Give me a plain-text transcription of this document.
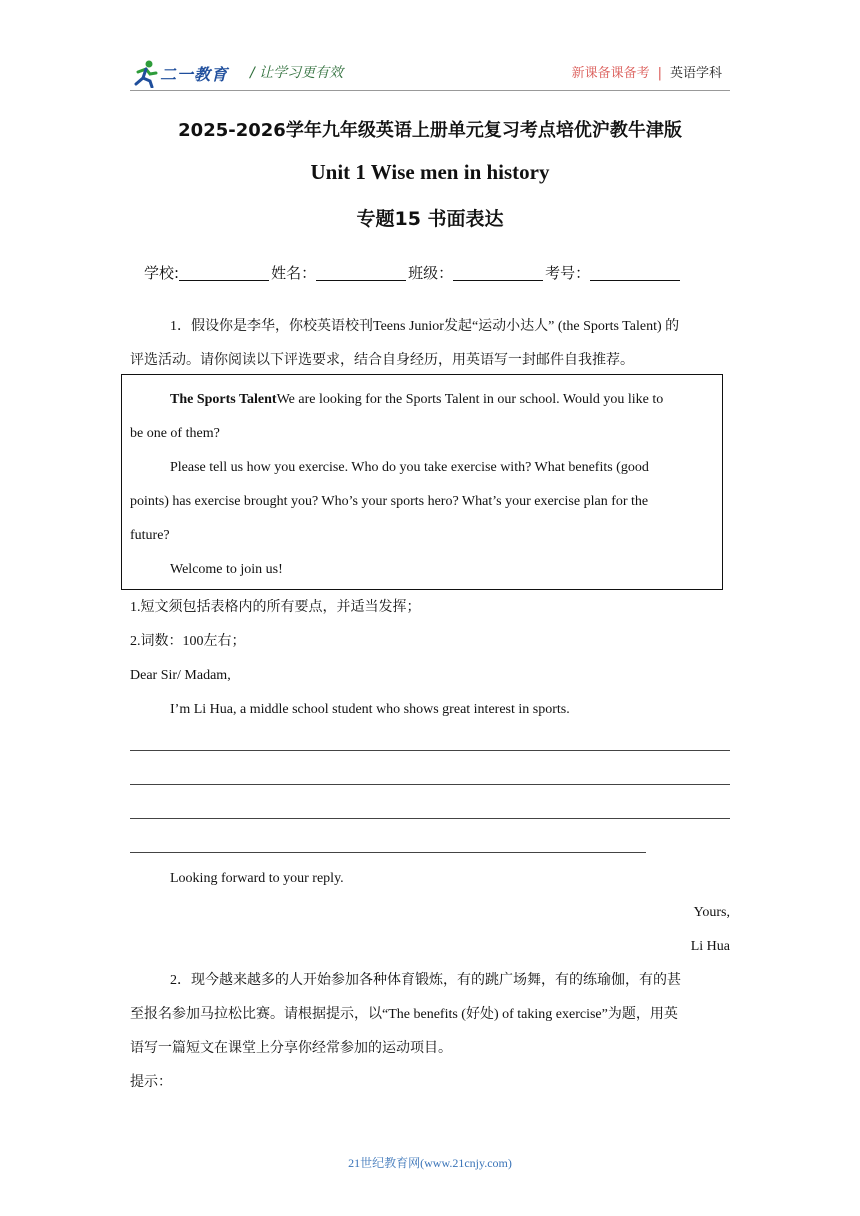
二一教育 / 让学习更有效	新课备课备考 | 英语学科
2025-2026学年九年级英语上册单元复习考点培优沪教牛津版
Unit 1 Wise men in history
专题15 书面表达
学校:	姓名：	班级：	考号：
1．假设你是李华，你校英语校刊Teens Junior发起“运动小达人” (the Sports Talent) 的
评选活动。请你阅读以下评选要求，结合自身经历，用英语写一封邮件自我推荐。

The Sports TalentWe are looking for the Sports Talent in our school. Would you like to

be one of them?

Please tell us how you exercise. Who do you take exercise with? What benefits (good

points) has exercise brought you? Who’s your sports hero? What’s your exercise plan for the

future?

Welcome to join us!

1.短文须包括表格内的所有要点，并适当发挥；
2.词数：100左右；
Dear Sir/ Madam,
I’m Li Hua, a middle school student who shows great interest in sports.
Looking forward to your reply.
Yours,
Li Hua
2．现今越来越多的人开始参加各种体育锻炼，有的跳广场舞，有的练瑜伽，有的甚
至报名参加马拉松比赛。请根据提示，以“The benefits (好处) of taking exercise”为题，用英
语写一篇短文在课堂上分享你经常参加的运动项目。
提示：
21世纪教育网(www.21cnjy.com)
